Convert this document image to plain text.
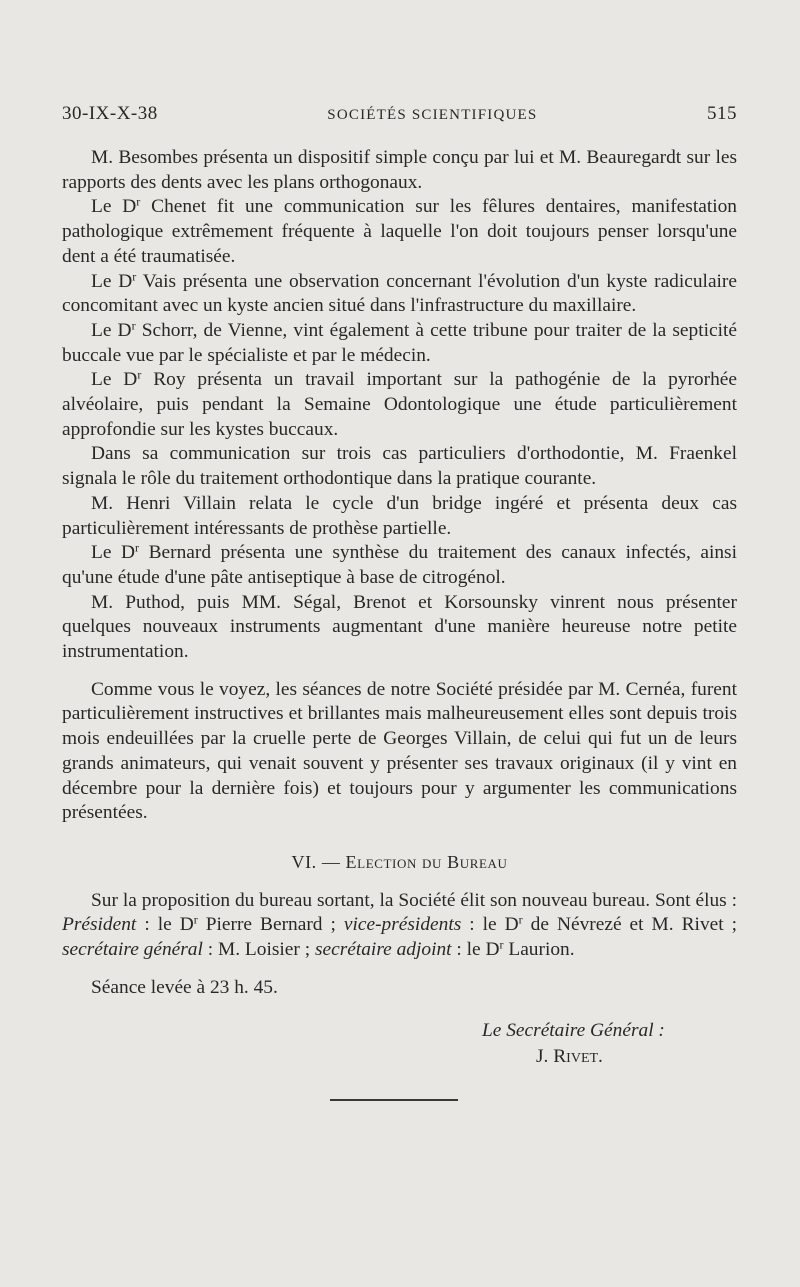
30-IX-X-38	SOCIÉTÉS SCIENTIFIQUES	515

M. Besombes présenta un dispositif simple conçu par lui et M. Beauregardt sur les rapports des dents avec les plans orthogonaux.

Le $D^r$ Chenet fit une communication sur les fêlures dentaires, manifestation pathologique extrêmement fréquente à laquelle l'on doit toujours penser lorsqu'une dent a été traumatisée.

Le $D^r$ Vais présenta une observation concernant l'évolution d'un kyste radiculaire concomitant avec un kyste ancien situé dans l'infrastructure du maxillaire.

Le $D^r$ Schorr, de Vienne, vint également à cette tribune pour traiter de la septicité buccale vue par le spécialiste et par le médecin.

Le $D^r$ Roy présenta un travail important sur la pathogénie de la pyrorhée alvéolaire, puis pendant la Semaine Odontologique une étude particulièrement approfondie sur les kystes buccaux.

Dans sa communication sur trois cas particuliers d'orthodontie, M. Fraenkel signala le rôle du traitement orthodontique dans la pratique courante.

M. Henri Villain relata le cycle d'un bridge ingéré et présenta deux cas particulièrement intéressants de prothèse partielle.

Le $D^r$ Bernard présenta une synthèse du traitement des canaux infectés, ainsi qu'une étude d'une pâte antiseptique à base de citrogénol.

M. Puthod, puis MM. Ségal, Brenot et Korsounsky vinrent nous présenter quelques nouveaux instruments augmentant d'une manière heureuse notre petite instrumentation.

Comme vous le voyez, les séances de notre Société présidée par M. Cernéa, furent particulièrement instructives et brillantes mais malheureusement elles sont depuis trois mois endeuillées par la cruelle perte de Georges Villain, de celui qui fut un de leurs grands animateurs, qui venait souvent y présenter ses travaux originaux (il y vint en décembre pour la dernière fois) et toujours pour y argumenter les communications présentées.

VI. — Election du Bureau

Sur la proposition du bureau sortant, la Société élit son nouveau bureau. Sont élus : Président : le $D^r$ Pierre Bernard ; vice-présidents : le $D^r$ de Névrezé et M. Rivet ; secrétaire général : M. Loisier ; secrétaire adjoint : le $D^r$ Laurion.

Séance levée à 23 h. 45.

Le Secrétaire Général :
J. Rivet.
